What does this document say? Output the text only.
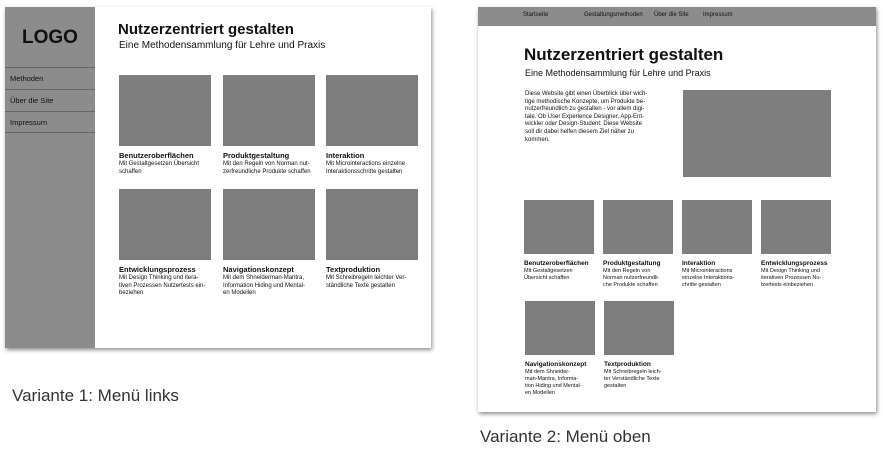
LOGO
Methoden
Über die Site
Impressum
Nutzerzentriert gestalten
Eine Methodensammlung für Lehre und Praxis
Benutzeroberflächen
Mit Gestaltgesetzen Übersicht
schaffen
Produktgestaltung
Mit den Regeln von Norman nut-
zerfreundliche Produkte schaffen
Interaktion
Mit Microinteractions einzelne
Interaktionsschritte gestalten
Entwicklungsprozess
Mit Design Thinking und itera-
tiven Prozessen Nutzertests ein-
beziehen
Navigationskonzept
Mit dem Shneiderman-Mantra,
Information Hiding und Mental-
en Modellen
Textproduktion
Mit Schreibregeln leichter Ver-
ständliche Texte gestalten
Startseite	Gestaltungsmethoden Über die Site Impressum
Nutzerzentriert gestalten
Eine Methodensammlung für Lehre und Praxis
Diese Website gibt einen Überblick über wich-
tige methodische Konzepte, um Produkte be-
nutzerfreundlich zu gestalten - vor allem digi-
tale. Ob User Experience Designer, App-Ent-
wickler oder Design-Student: Diese Website
soll dir dabei helfen diesem Ziel näher zu
kommen.
Benutzeroberflächen
Mit Gestaltgesetzen
Übersicht schaffen
Produktgestaltung
Mit den Regeln von
Norman nutzerfreundli-
che Produkte schaffen
Interaktion
Mit Microinteractions
einzelne Interaktions-
chritte gestalten
Entwicklungsprozess
Mit Design Thinking und
iterativen Prozessen Nu-
tzertests einbeziehen
Navigationskonzept
Mit dem Shneider-
man-Mantra, Informa-
tion Hiding und Mental-
en Modellen
Textproduktion
Mit Schreibregeln leich-
ter Verständliche Texte
gestalten
Variante 1: Menü links
Variante 2: Menü oben
